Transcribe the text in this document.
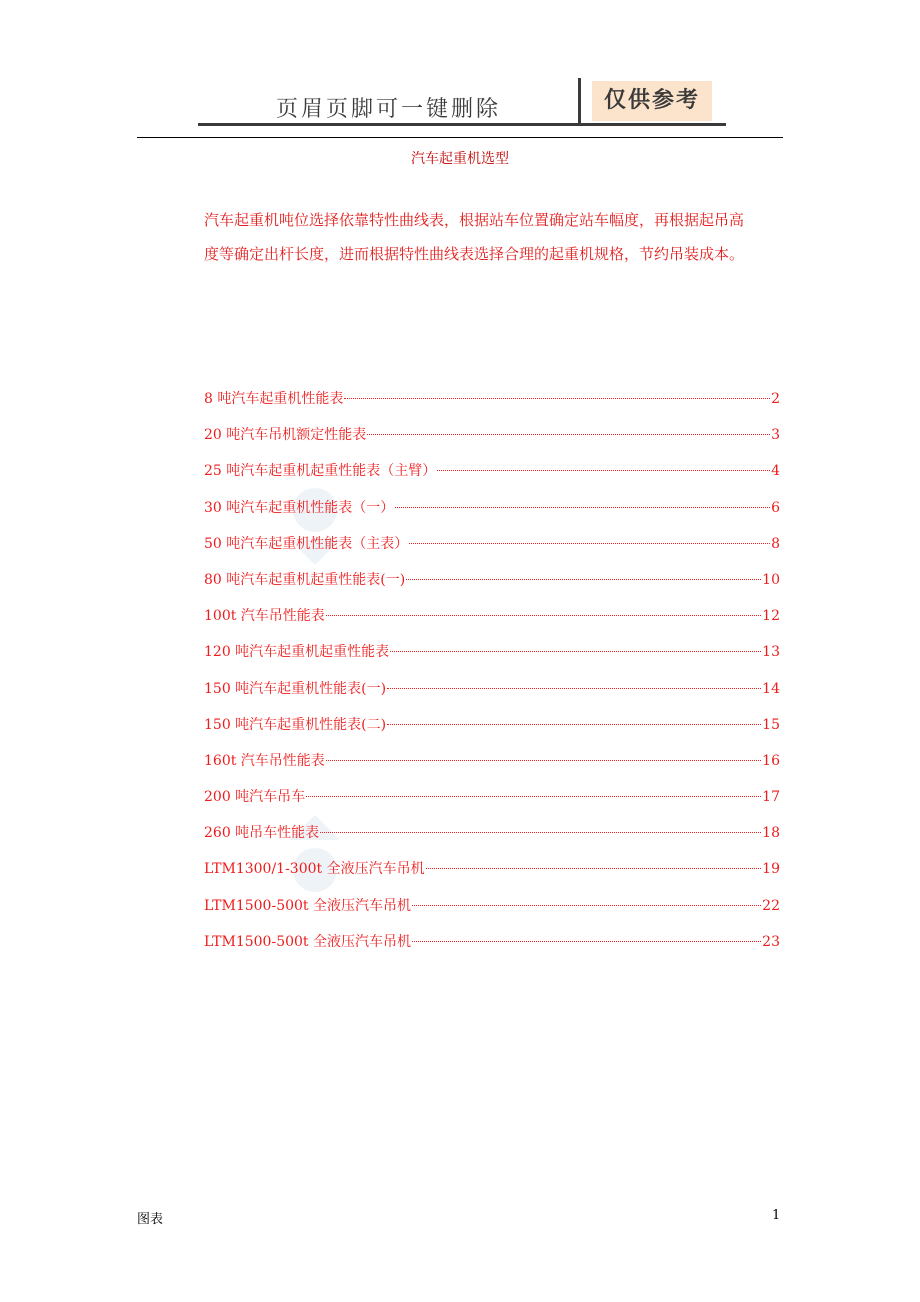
页眉页脚可一键删除	仅供参考
汽车起重机选型

汽车起重机吨位选择依靠特性曲线表，根据站车位置确定站车幅度，再根据起吊高

度等确定出杆长度，进而根据特性曲线表选择合理的起重机规格，节约吊装成本。

8 吨汽车起重机性能表	2
20 吨汽车吊机额定性能表	3
25 吨汽车起重机起重性能表（主臂）	4
30 吨汽车起重机性能表（一）	6
50 吨汽车起重机性能表（主表）	8
80 吨汽车起重机起重性能表(一)	10
100t 汽车吊性能表	12
120 吨汽车起重机起重性能表	13
150 吨汽车起重机性能表(一)	14
150 吨汽车起重机性能表(二)	15
160t 汽车吊性能表	16
200 吨汽车吊车	17
260 吨吊车性能表	18
LTM1300/1-300t 全液压汽车吊机	19
LTM1500-500t 全液压汽车吊机	22
LTM1500-500t 全液压汽车吊机	23
图表	1
